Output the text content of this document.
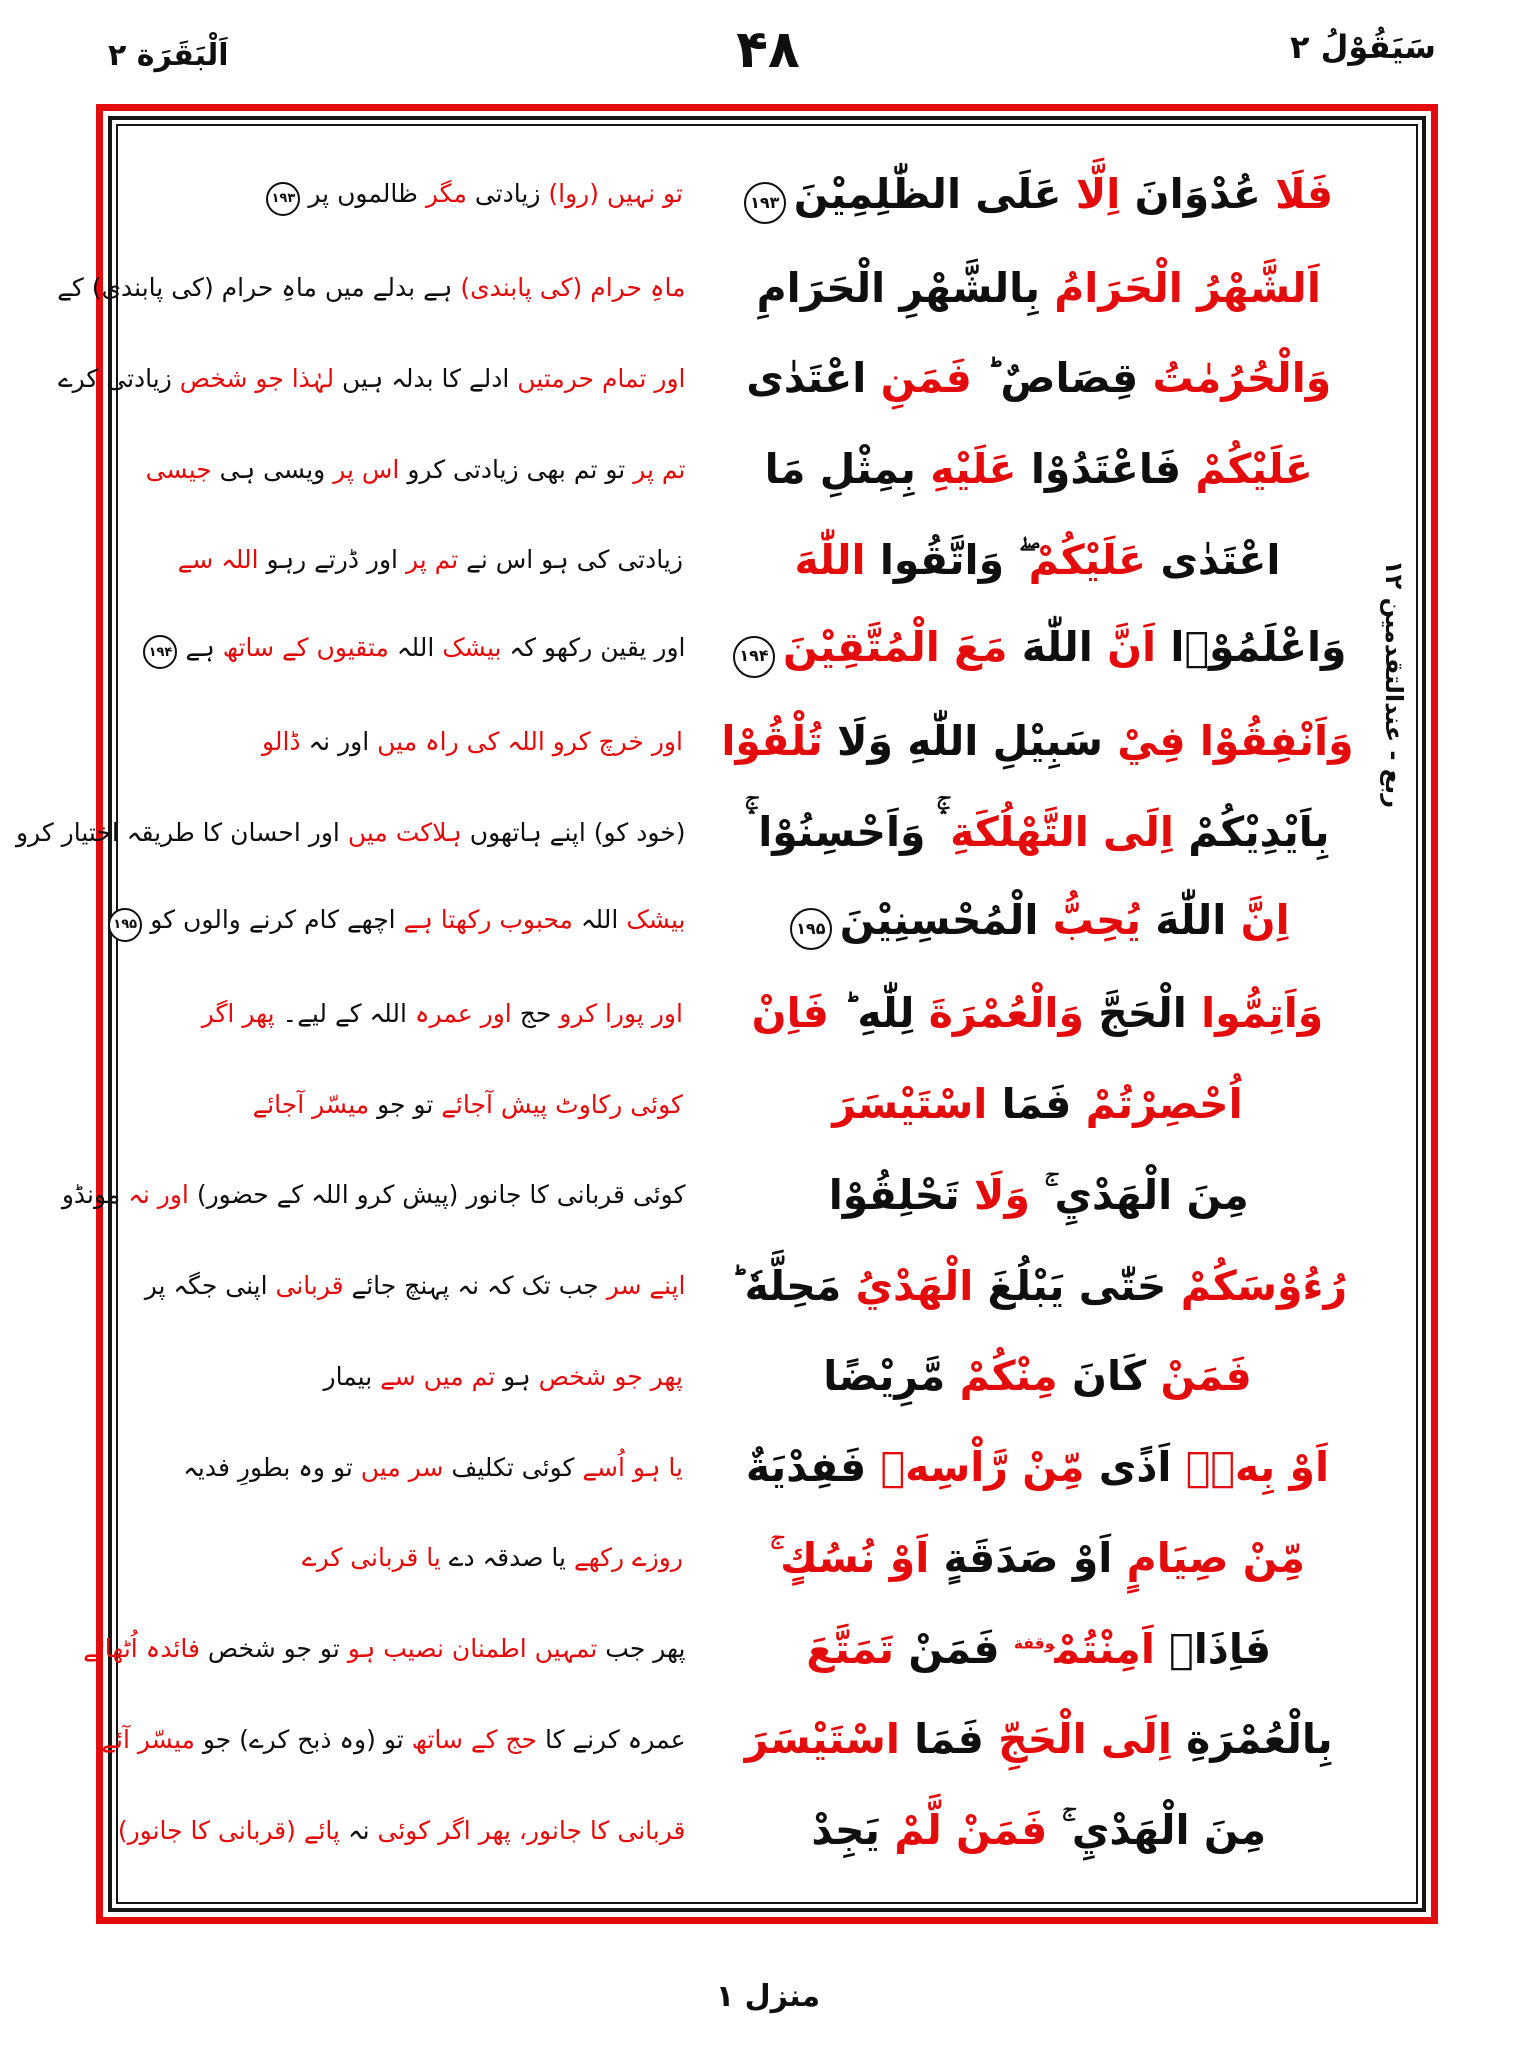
اَلْبَقَرَة ٢	۴۸	سَيَقُوْلُ ٢
ربع - عندالتقدمین ۱۲
فَلَا عُدْوَانَ اِلَّا عَلَى الظّٰلِمِيْنَ۱۹۳
تو نہیں (روا) زیادتی مگر ظالموں پر۱۹۳
اَلشَّهْرُ الْحَرَامُ بِالشَّهْرِ الْحَرَامِ
ماہِ حرام (کی پابندی) ہے بدلے میں ماہِ حرام (کی پابندی) کے
وَالْحُرُمٰتُ قِصَاصٌ ؕ فَمَنِ اعْتَدٰى
اور تمام حرمتیں ادلے کا بدلہ ہیں لہٰذا جو شخص زیادتی کرے
عَلَيْكُمْ فَاعْتَدُوْا عَلَيْهِ بِمِثْلِ مَا
تم پر تو تم بھی زیادتی کرو اس پر ویسی ہی جیسی
اعْتَدٰى عَلَيْكُمْ ۖ وَاتَّقُوا اللّٰهَ
زیادتی کی ہو اس نے تم پر اور ڈرتے رہو اللہ سے
وَاعْلَمُوْۤا اَنَّ اللّٰهَ مَعَ الْمُتَّقِيْنَ۱۹۴
اور یقین رکھو کہ بیشک اللہ متقیوں کے ساتھ ہے۱۹۴
وَاَنْفِقُوْا فِيْ سَبِيْلِ اللّٰهِ وَلَا تُلْقُوْا
اور خرچ کرو اللہ کی راہ میں اور نہ ڈالو
بِاَيْدِيْكُمْ اِلَى التَّهْلُكَةِ ۛۚ وَاَحْسِنُوْا ۛۚ
(خود کو) اپنے ہاتھوں ہلاکت میں اور احسان کا طریقہ اختیار کرو
اِنَّ اللّٰهَ يُحِبُّ الْمُحْسِنِيْنَ۱۹۵
بیشک اللہ محبوب رکھتا ہے اچھے کام کرنے والوں کو۱۹۵
وَاَتِمُّوا الْحَجَّ وَالْعُمْرَةَ لِلّٰهِ ؕ فَاِنْ
اور پورا کرو حج اور عمرہ اللہ کے لیے۔ پھر اگر
اُحْصِرْتُمْ فَمَا اسْتَيْسَرَ
کوئی رکاوٹ پیش آجائے تو جو میسّر آجائے
مِنَ الْهَدْيِ ۚ وَلَا تَحْلِقُوْا
کوئی قربانی کا جانور (پیش کرو اللہ کے حضور) اور نہ مونڈو
رُءُوْسَكُمْ حَتّٰى يَبْلُغَ الْهَدْيُ مَحِلَّهٗ ؕ
اپنے سر جب تک کہ نہ پہنچ جائے قربانی اپنی جگہ پر
فَمَنْ كَانَ مِنْكُمْ مَّرِيْضًا
پھر جو شخص ہو تم میں سے بیمار
اَوْ بِهٖۤ اَذًى مِّنْ رَّاْسِهٖ فَفِدْيَةٌ
یا ہو اُسے کوئی تکلیف سر میں تو وہ بطورِ فدیہ
مِّنْ صِيَامٍ اَوْ صَدَقَةٍ اَوْ نُسُكٍ ۚ
روزے رکھے یا صدقہ دے یا قربانی کرے
فَاِذَاۤ اَمِنْتُمْ$^{وقفة}$ فَمَنْ تَمَتَّعَ
پھر جب تمہیں اطمنان نصیب ہو تو جو شخص فائدہ اُٹھائے
بِالْعُمْرَةِ اِلَى الْحَجِّ فَمَا اسْتَيْسَرَ
عمرہ کرنے کا حج کے ساتھ تو (وہ ذبح کرے) جو میسّر آئے
مِنَ الْهَدْيِ ۚ فَمَنْ لَّمْ يَجِدْ
قربانی کا جانور، پھر اگر کوئی نہ پائے (قربانی کا جانور)
منزل ۱
